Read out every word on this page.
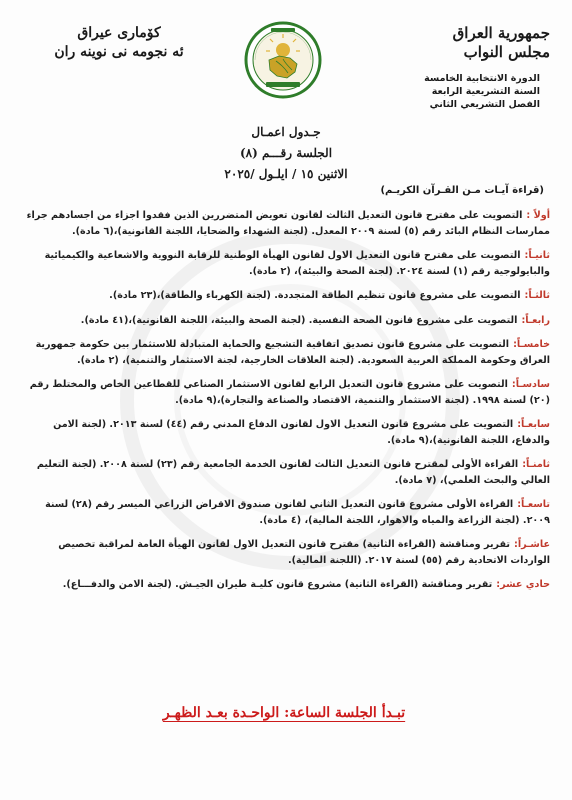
جمهورية العراق
مجلس النواب
الدورة الانتخابية الخامسة
السنة التشريعية الرابعة
الفصل التشريعي الثاني
كۆماری عیراق
ئه نجومه نی نوینه ران
جـدول اعمـال
الجلسة رقـــم (٨)
الاثنين ١٥ / ايلـول /٢٠٢٥
(قراءة آيـات مـن القـرآن الكريـم)
أولاً :التصويت على مقترح قانون التعديل الثالث لقانون تعويض المتضررين الذين فقدوا اجزاء من اجسادهم جراء ممارسات النظام البائد رقم (٥) لسنة ٢٠٠٩ المعدل. (لجنة الشهداء والضحايا، اللجنة القانونية)،(٦ مادة).
ثانيـاً:التصويت على مقترح قانون التعديل الاول لقانون الهيأة الوطنية للرقابة النووية والاشعاعية والكيميائية والبايولوجية رقم (١) لسنة ٢٠٢٤. (لجنة الصحة والبيئة)، (٢ مادة).
ثالثـاً:التصويت على مشروع قانون تنظيم الطاقة المتجددة. (لجنة الكهرباء والطاقة)،(٢٣ مادة).
رابعـاً:التصويت على مشروع قانون الصحة النفسية. (لجنة الصحة والبيئة، اللجنة القانونية)،(٤١ مادة).
خامسـاً:التصويت على مشروع قانون تصديق اتفاقية التشجيع والحماية المتبادلة للاستثمار بين حكومة جمهورية العراق وحكومة المملكة العربية السعودية. (لجنة العلاقات الخارجية، لجنة الاستثمار والتنمية)، (٢ مادة).
سادسـاً:التصويت على مشروع قانون التعديل الرابع لقانون الاستثمار الصناعي للقطاعين الخاص والمختلط رقم (٢٠) لسنة ١٩٩٨. (لجنة الاستثمار والتنمية، الاقتصاد والصناعة والتجارة)،(٩ مادة).
سابعـاً:التصويت على مشروع قانون التعديل الاول لقانون الدفاع المدني رقم (٤٤) لسنة ٢٠١٣. (لجنة الامن والدفاع، اللجنة القانونية)،(٩ مادة).
ثامنـاً:القراءة الأولى لمقترح قانون التعديل الثالث لقانون الخدمة الجامعية رقم (٢٣) لسنة ٢٠٠٨. (لجنة التعليم العالي والبحث العلمي)، (٧ مادة).
تاسعـاً:القراءة الأولى مشروع قانون التعديل الثاني لقانون صندوق الاقراض الزراعي الميسر رقم (٢٨) لسنة ٢٠٠٩. (لجنة الزراعة والمياه والاهوار، اللجنة المالية)، (٤ مادة).
عاشـراً:تقرير ومناقشة (القراءة الثانية) مقترح قانون التعديل الاول لقانون الهيأة العامة لمراقبة تخصيص الواردات الاتحادية رقم (٥٥) لسنة ٢٠١٧. (اللجنة المالية).
حادي عشر:تقرير ومناقشة (القراءة الثانية) مشروع قانون كليـة طيران الجيـش. (لجنة الامن والدفـــاع).
تبـدأ الجلسة الساعة: الواحـدة بعـد الظهـر
